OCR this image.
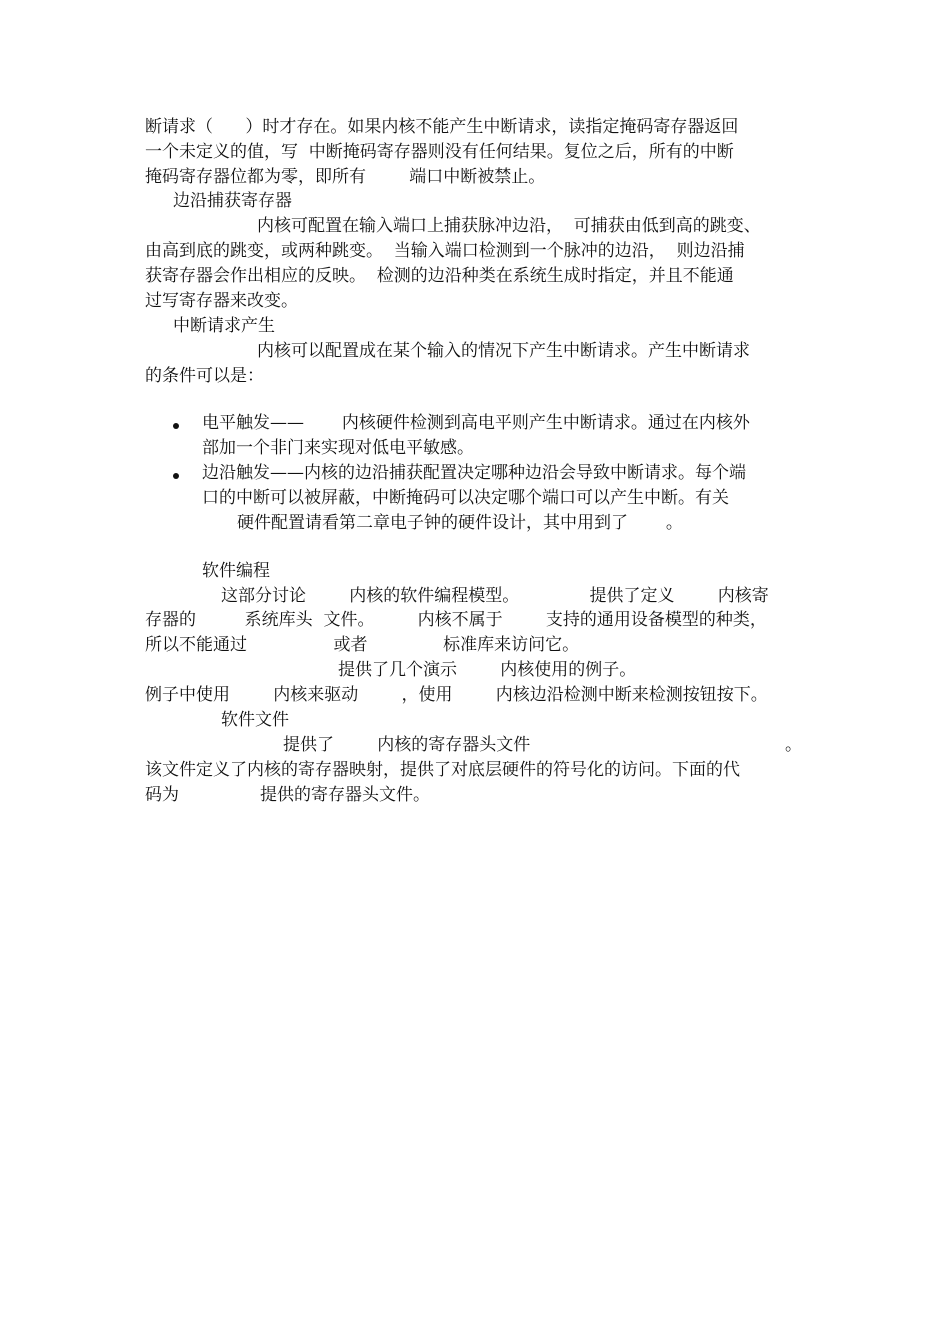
断请求（      ）时才存在。如果内核不能产生中断请求，读指定掩码寄存器返回
一个未定义的值，写  中断掩码寄存器则没有任何结果。复位之后，所有的中断
掩码寄存器位都为零，即所有        端口中断被禁止。
边沿捕获寄存器
内核可配置在输入端口上捕获脉冲边沿，  可捕获由低到高的跳变、
由高到底的跳变，或两种跳变。  当输入端口检测到一个脉冲的边沿，  则边沿捕
获寄存器会作出相应的反映。  检测的边沿种类在系统生成时指定，并且不能通
过写寄存器来改变。
中断请求产生
内核可以配置成在某个输入的情况下产生中断请求。产生中断请求
的条件可以是：
电平触发——       内核硬件检测到高电平则产生中断请求。通过在内核外
部加一个非门来实现对低电平敏感。
边沿触发——内核的边沿捕获配置决定哪种边沿会导致中断请求。每个端
口的中断可以被屏蔽，中断掩码可以决定哪个端口可以产生中断。有关
硬件配置请看第二章电子钟的硬件设计，其中用到了       。
软件编程
这部分讨论        内核的软件编程模型。             提供了定义        内核寄
存器的         系统库头  文件。        内核不属于        支持的通用设备模型的种类，
所以不能通过                或者              标准库来访问它。
提供了几个演示        内核使用的例子。
例子中使用        内核来驱动        ，使用        内核边沿检测中断来检测按钮按下。
软件文件
提供了        内核的寄存器头文件	。
该文件定义了内核的寄存器映射，提供了对底层硬件的符号化的访问。下面的代
码为               提供的寄存器头文件。
